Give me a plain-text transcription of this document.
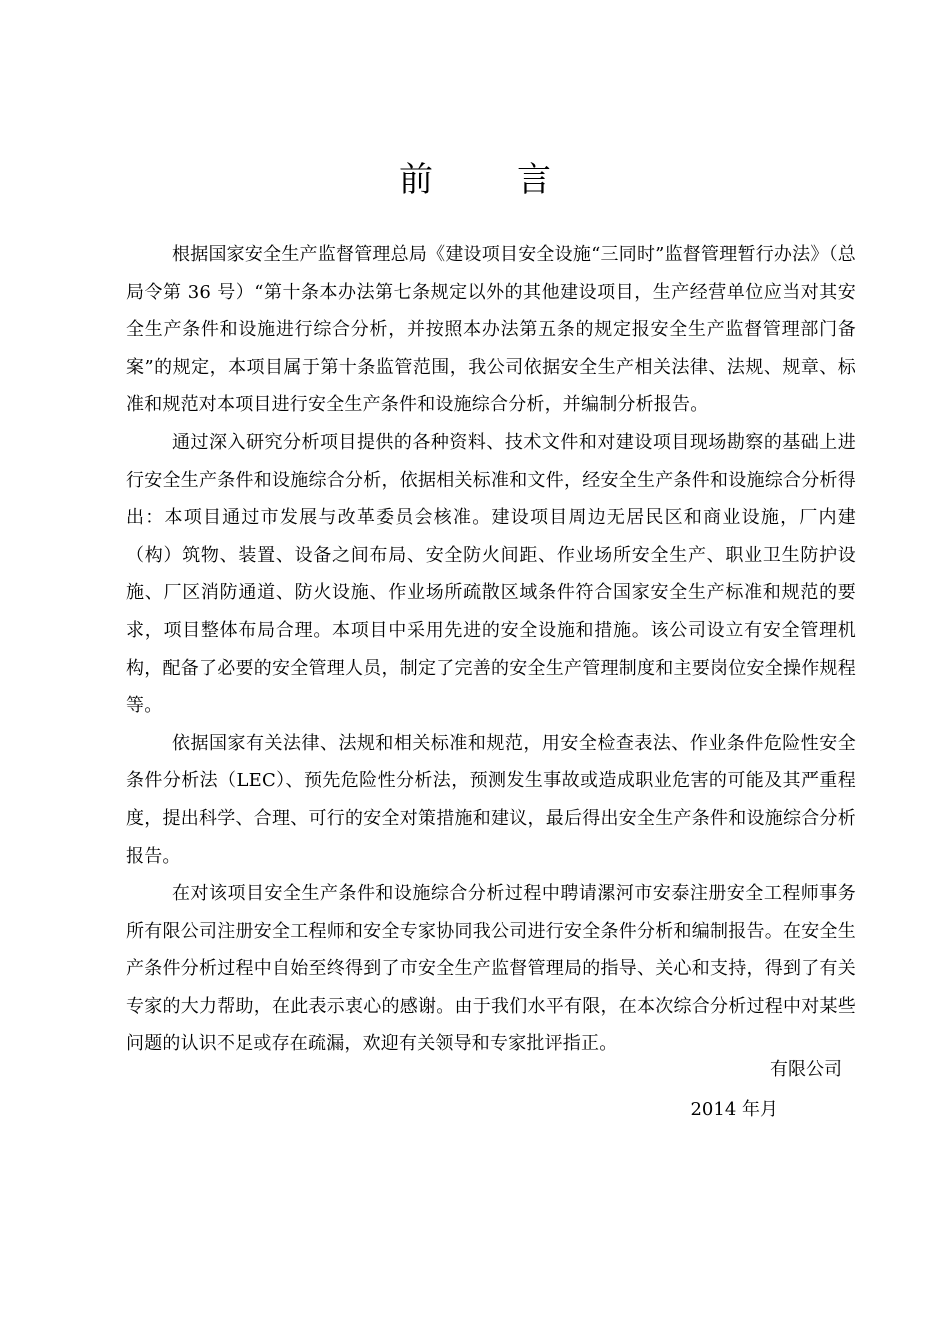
前言

根据国家安全生产监督管理总局《建设项目安全设施“三同时”监督管理暂行办法》（总局令第 36 号）“第十条本办法第七条规定以外的其他建设项目，生产经营单位应当对其安全生产条件和设施进行综合分析，并按照本办法第五条的规定报安全生产监督管理部门备案”的规定，本项目属于第十条监管范围，我公司依据安全生产相关法律、法规、规章、标准和规范对本项目进行安全生产条件和设施综合分析，并编制分析报告。

通过深入研究分析项目提供的各种资料、技术文件和对建设项目现场勘察的基础上进行安全生产条件和设施综合分析，依据相关标准和文件，经安全生产条件和设施综合分析得出：本项目通过市发展与改革委员会核准。建设项目周边无居民区和商业设施，厂内建（构）筑物、装置、设备之间布局、安全防火间距、作业场所安全生产、职业卫生防护设施、厂区消防通道、防火设施、作业场所疏散区域条件符合国家安全生产标准和规范的要求，项目整体布局合理。本项目中采用先进的安全设施和措施。该公司设立有安全管理机构，配备了必要的安全管理人员，制定了完善的安全生产管理制度和主要岗位安全操作规程等。

依据国家有关法律、法规和相关标准和规范，用安全检查表法、作业条件危险性安全条件分析法（LEC）、预先危险性分析法，预测发生事故或造成职业危害的可能及其严重程度，提出科学、合理、可行的安全对策措施和建议，最后得出安全生产条件和设施综合分析报告。

在对该项目安全生产条件和设施综合分析过程中聘请漯河市安泰注册安全工程师事务所有限公司注册安全工程师和安全专家协同我公司进行安全条件分析和编制报告。在安全生产条件分析过程中自始至终得到了市安全生产监督管理局的指导、关心和支持，得到了有关专家的大力帮助，在此表示衷心的感谢。由于我们水平有限，在本次综合分析过程中对某些问题的认识不足或存在疏漏，欢迎有关领导和专家批评指正。

有限公司

2014 年月
